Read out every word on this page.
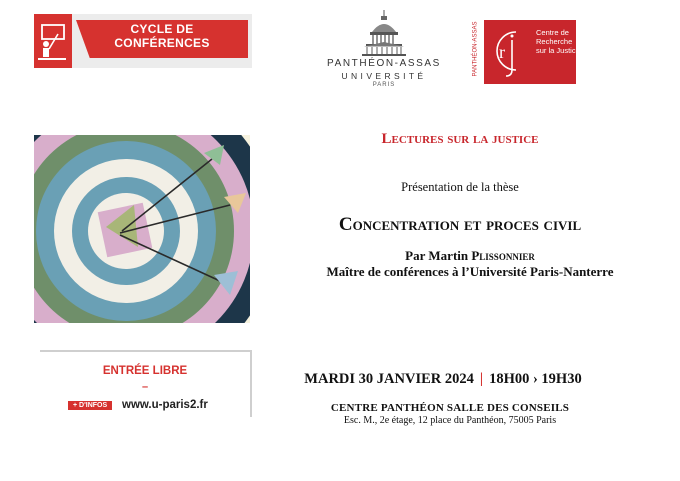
CYCLE DE
CONFÉRENCES
PANTHÉON-ASSAS
UNIVERSITÉ
PARIS
PANTHÉON-ASSAS r
Centre de
Recherche
sur la Justice
Lectures sur la justice
Présentation de la thèse
Concentration et proces civil
Par Martin Plissonnier
Maître de conférences à l’Université Paris-Nanterre
ENTRÉE LIBRE
–
+ D'INFOS	www.u-paris2.fr
MARDI 30 JANVIER 2024 | 18H00 › 19H30
CENTRE PANTHÉON SALLE DES CONSEILS
Esc. M., 2e étage, 12 place du Panthéon, 75005 Paris
